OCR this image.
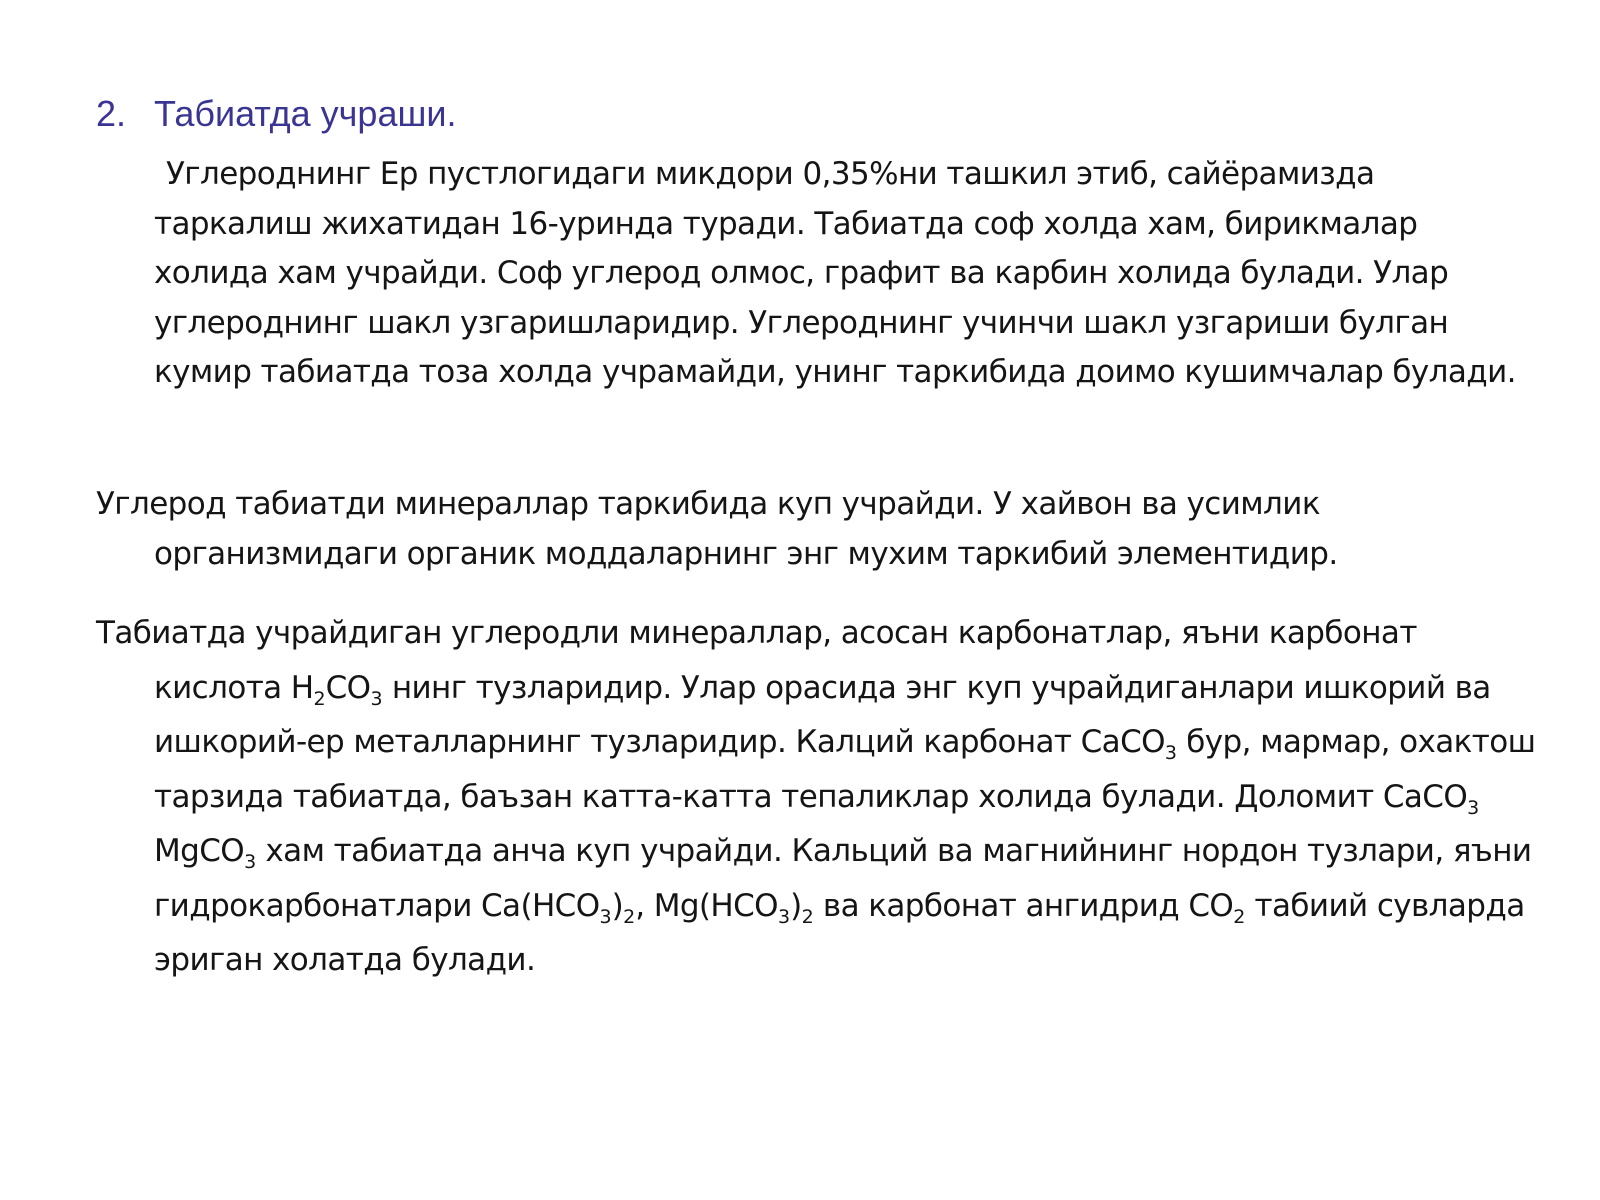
2. Табиатда учраши.
Углероднинг Ер пустлогидаги микдори 0,35%ни ташкил этиб, сайёрамизда таркалиш жихатидан 16-уринда туради. Табиатда соф холда хам, бирикмалар холида хам учрайди. Соф углерод олмос, графит ва карбин холида булади. Улар углероднинг шакл узгаришларидир. Углероднинг учинчи шакл узгариши булган кумир табиатда тоза холда учрамайди, унинг таркибида доимо кушимчалар булади.
Углерод табиатди минераллар таркибида куп учрайди. У хайвон ва усимлик организмидаги органик моддаларнинг энг мухим таркибий элементидир.
Табиатда учрайдиган углеродли минераллар, асосан карбонатлар, яъни карбонат кислота $H_2CO_3$ нинг тузларидир. Улар орасида энг куп учрайдиганлари ишкорий ва ишкорий-ер металларнинг тузларидир. Калций карбонат CaCO$_3$ бур, мармар, охактош тарзида табиатда, баъзан катта-катта тепаликлар холида булади. Доломит CaCO$_3$ MgCO$_3$ хам табиатда анча куп учрайди. Кальций ва магнийнинг нордон тузлари, яъни гидрокарбонатлари $Ca(HCO_3)_2$, $Mg(HCO_3)_2$ ва карбонат ангидрид $CO_2$ табиий сувларда эриган холатда булади.
